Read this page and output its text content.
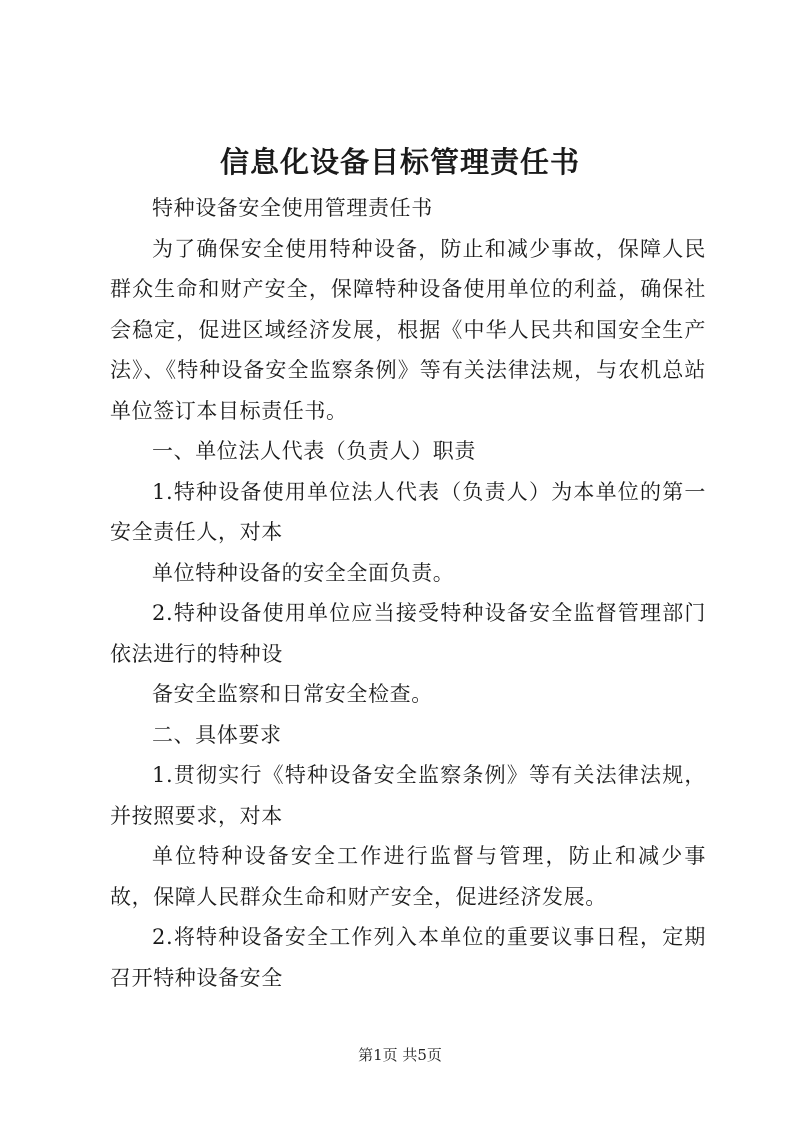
信息化设备目标管理责任书

特种设备安全使用管理责任书

为了确保安全使用特种设备，防止和减少事故，保障人民群众生命和财产安全，保障特种设备使用单位的利益，确保社会稳定，促进区域经济发展，根据《中华人民共和国安全生产法》、《特种设备安全监察条例》等有关法律法规，与农机总站单位签订本目标责任书。

一、单位法人代表（负责人）职责

1.特种设备使用单位法人代表（负责人）为本单位的第一安全责任人，对本

单位特种设备的安全全面负责。

2.特种设备使用单位应当接受特种设备安全监督管理部门依法进行的特种设

备安全监察和日常安全检查。

二、具体要求

1.贯彻实行《特种设备安全监察条例》等有关法律法规，并按照要求，对本

单位特种设备安全工作进行监督与管理，防止和减少事故，保障人民群众生命和财产安全，促进经济发展。

2.将特种设备安全工作列入本单位的重要议事日程，定期召开特种设备安全

第1页 共5页
